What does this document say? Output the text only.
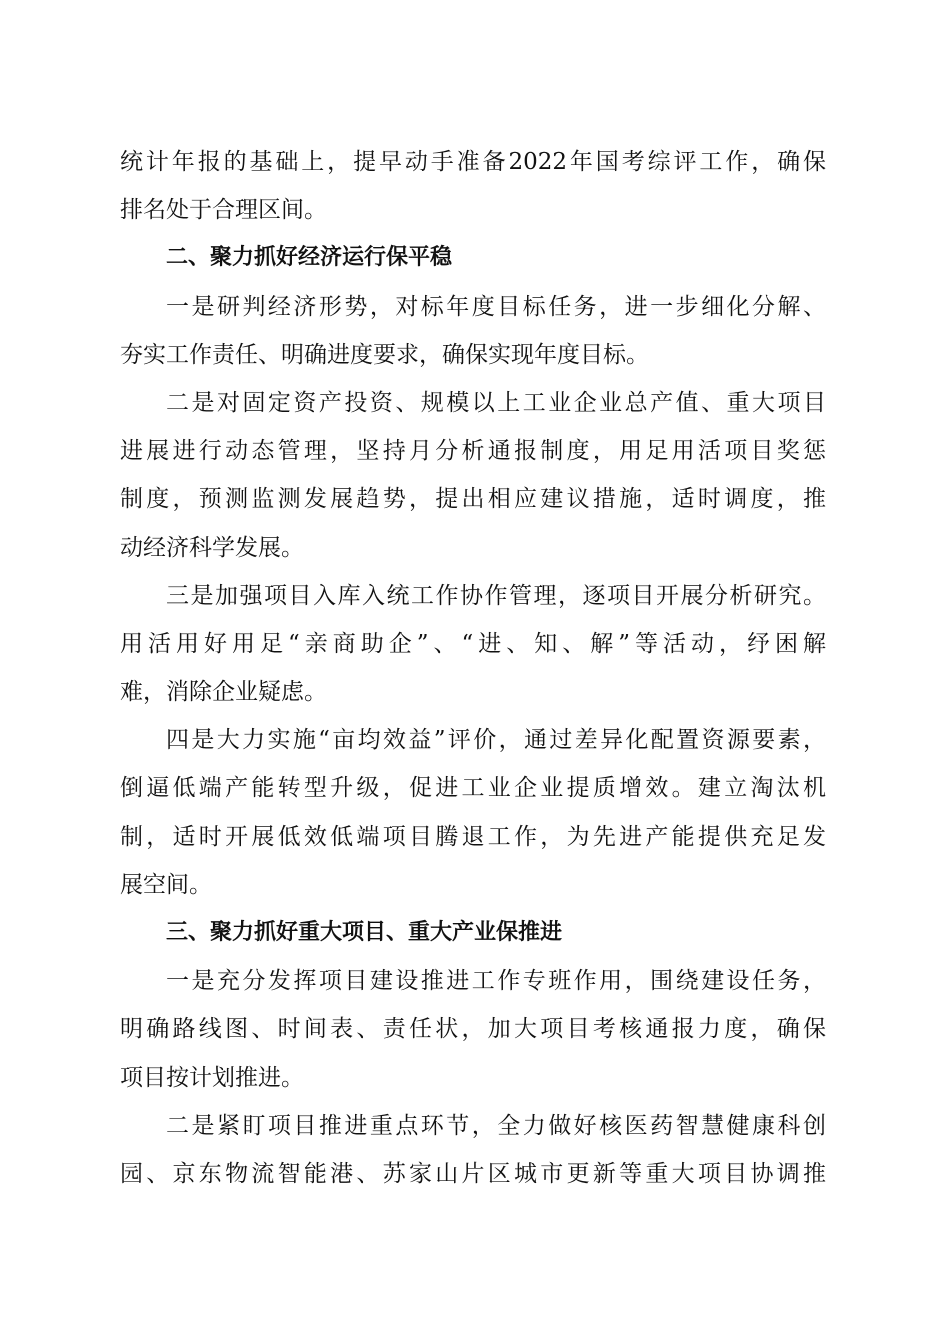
统计年报的基础上，提早动手准备2022年国考综评工作，确保
排名处于合理区间。
二、聚力抓好经济运行保平稳
一是研判经济形势，对标年度目标任务，进一步细化分解、
夯实工作责任、明确进度要求，确保实现年度目标。
二是对固定资产投资、规模以上工业企业总产值、重大项目
进展进行动态管理，坚持月分析通报制度，用足用活项目奖惩
制度，预测监测发展趋势，提出相应建议措施，适时调度，推
动经济科学发展。
三是加强项目入库入统工作协作管理，逐项目开展分析研究。
用活用好用足“亲商助企”、“进、知、解”等活动，纾困解
难，消除企业疑虑。
四是大力实施“亩均效益”评价，通过差异化配置资源要素，
倒逼低端产能转型升级，促进工业企业提质增效。建立淘汰机
制，适时开展低效低端项目腾退工作，为先进产能提供充足发
展空间。
三、聚力抓好重大项目、重大产业保推进
一是充分发挥项目建设推进工作专班作用，围绕建设任务，
明确路线图、时间表、责任状，加大项目考核通报力度，确保
项目按计划推进。
二是紧盯项目推进重点环节，全力做好核医药智慧健康科创
园、京东物流智能港、苏家山片区城市更新等重大项目协调推
